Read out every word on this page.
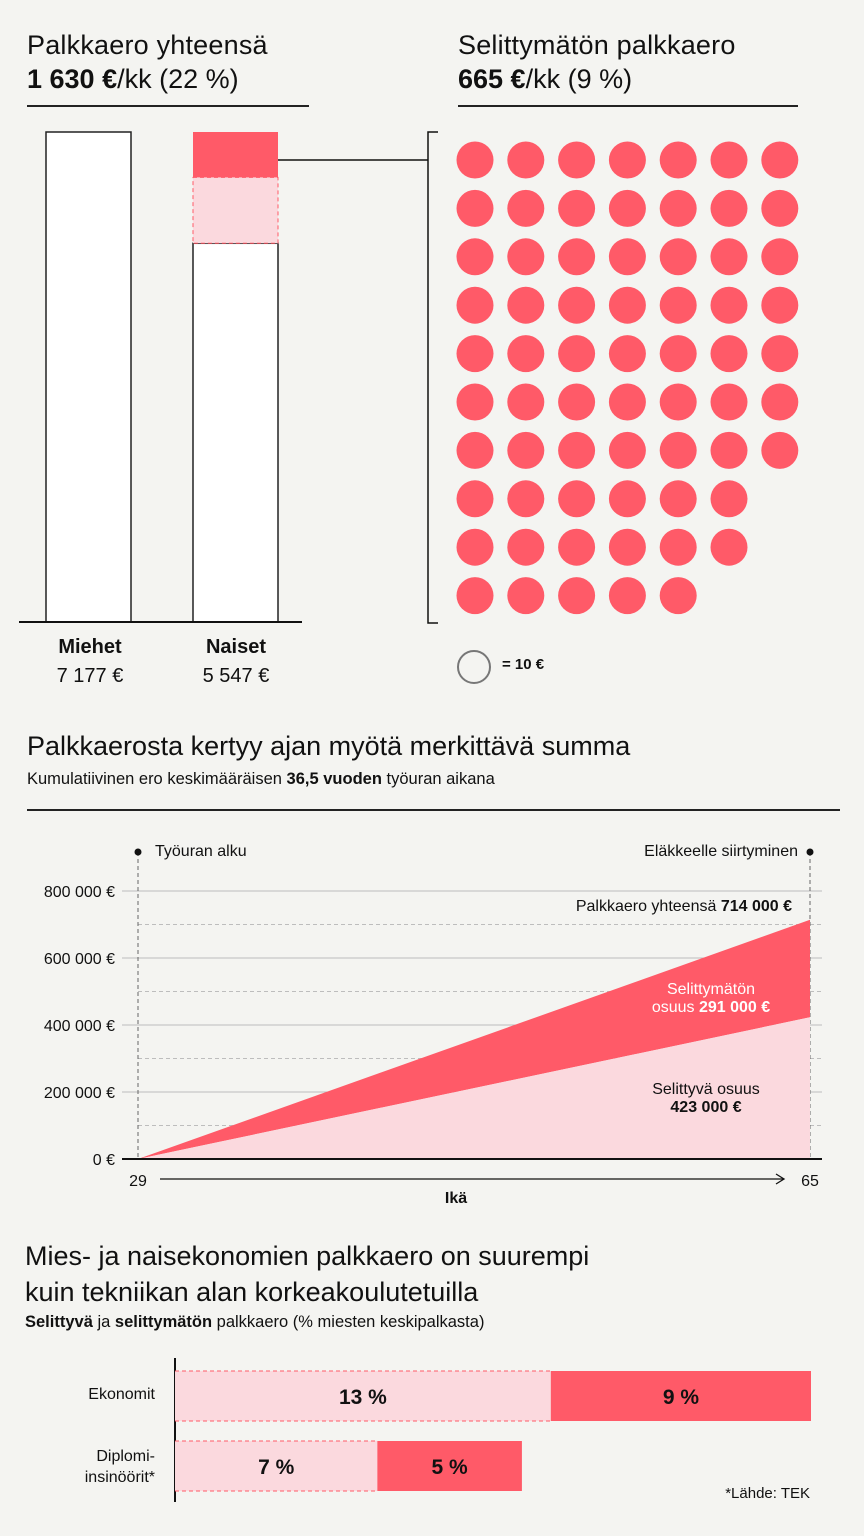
Palkkaero yhteensä
1 630 €/kk (22 %)
Selittymätön palkkaero
665 €/kk (9 %)
Miehet
7 177 €
Naiset
5 547 €
= 10 €
Palkkaerosta kertyy ajan myötä merkittävä summa
Kumulatiivinen ero keskimääräisen 36,5 vuoden työuran aikana
0 €
200 000 €
400 000 €
600 000 €
800 000 €
29	65
Työuran alku	Eläkkeelle siirtyminen
Palkkaero yhteensä 714 000 €
Selittymätön
osuus 291 000 €
Selittyvä osuus
423 000 €
Ikä
Mies- ja naisekonomien palkkaero on suurempi
kuin tekniikan alan korkeakoulutetuilla
Selittyvä ja selittymätön palkkaero (% miesten keskipalkasta)
Ekonomit
Diplomi-
insinöörit*
13 %	9 %
7 %	5 %
*Lähde: TEK
